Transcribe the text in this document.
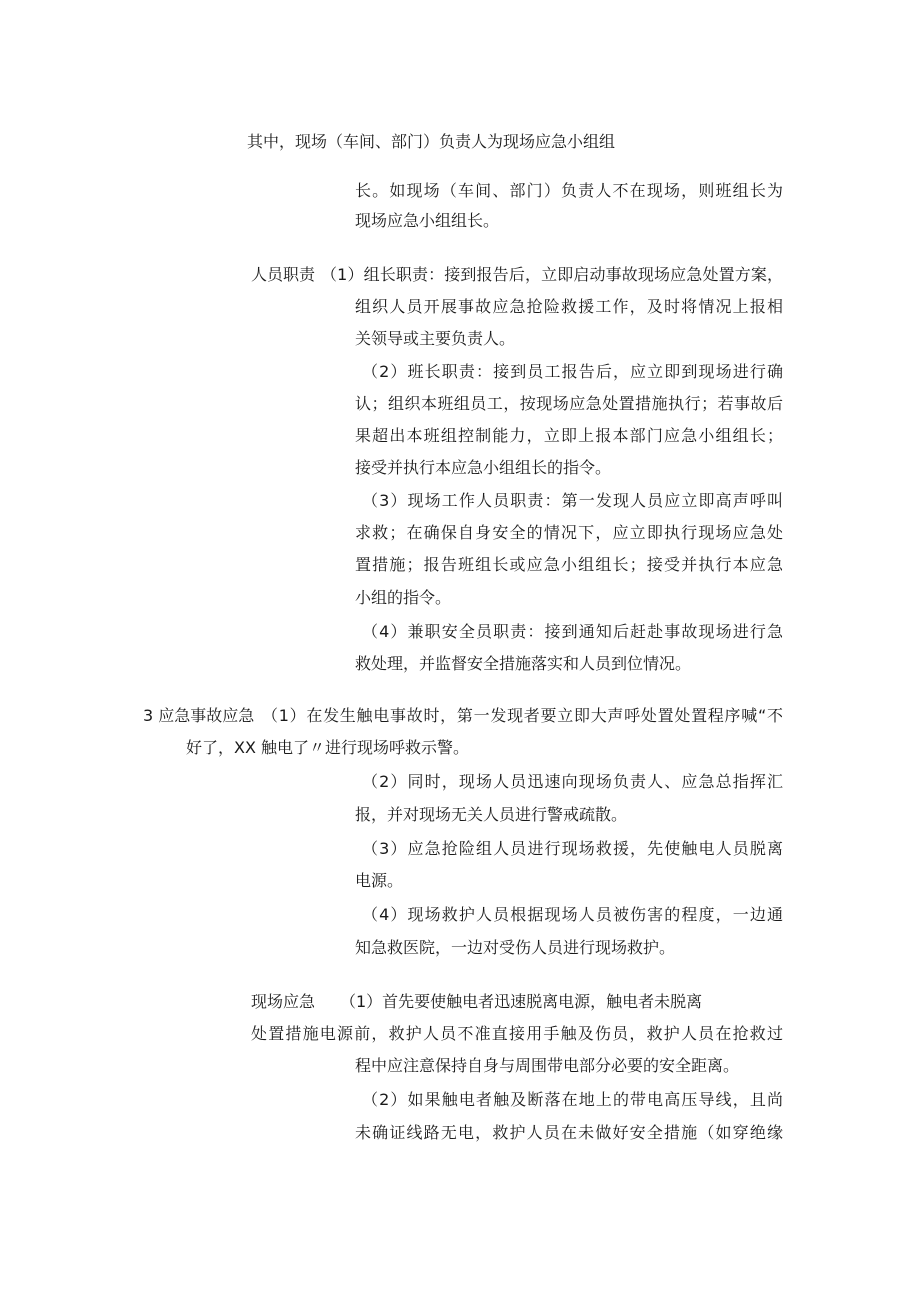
其中，现场（车间、部门）负责人为现场应急小组组
长。如现场（车间、部门）负责人不在现场，则班组长为
现场应急小组组长。
人员职责 （1）组长职责：接到报告后，立即启动事故现场应急处置方案，
组织人员开展事故应急抢险救援工作，及时将情况上报相
关领导或主要负责人。
（2）班长职责：接到员工报告后，应立即到现场进行确
认；组织本班组员工，按现场应急处置措施执行；若事故后
果超出本班组控制能力，立即上报本部门应急小组组长；
接受并执行本应急小组组长的指令。
（3）现场工作人员职责：第一发现人员应立即高声呼叫
求救；在确保自身安全的情况下，应立即执行现场应急处
置措施；报告班组长或应急小组组长；接受并执行本应急
小组的指令。
（4）兼职安全员职责：接到通知后赶赴事故现场进行急
救处理，并监督安全措施落实和人员到位情况。
3 应急事故应急 （1）在发生触电事故时，第一发现者要立即大声呼处置处置程序喊“不
好了，XX 触电了〃进行现场呼救示警。
（2）同时，现场人员迅速向现场负责人、应急总指挥汇
报，并对现场无关人员进行警戒疏散。
（3）应急抢险组人员进行现场救援，先使触电人员脱离
电源。
（4）现场救护人员根据现场人员被伤害的程度，一边通
知急救医院，一边对受伤人员进行现场救护。
现场应急 （1）首先要使触电者迅速脱离电源，触电者未脱离
处置措施电源前，救护人员不准直接用手触及伤员，救护人员在抢救过
程中应注意保持自身与周围带电部分必要的安全距离。
（2）如果触电者触及断落在地上的带电高压导线，且尚
未确证线路无电，救护人员在未做好安全措施（如穿绝缘
